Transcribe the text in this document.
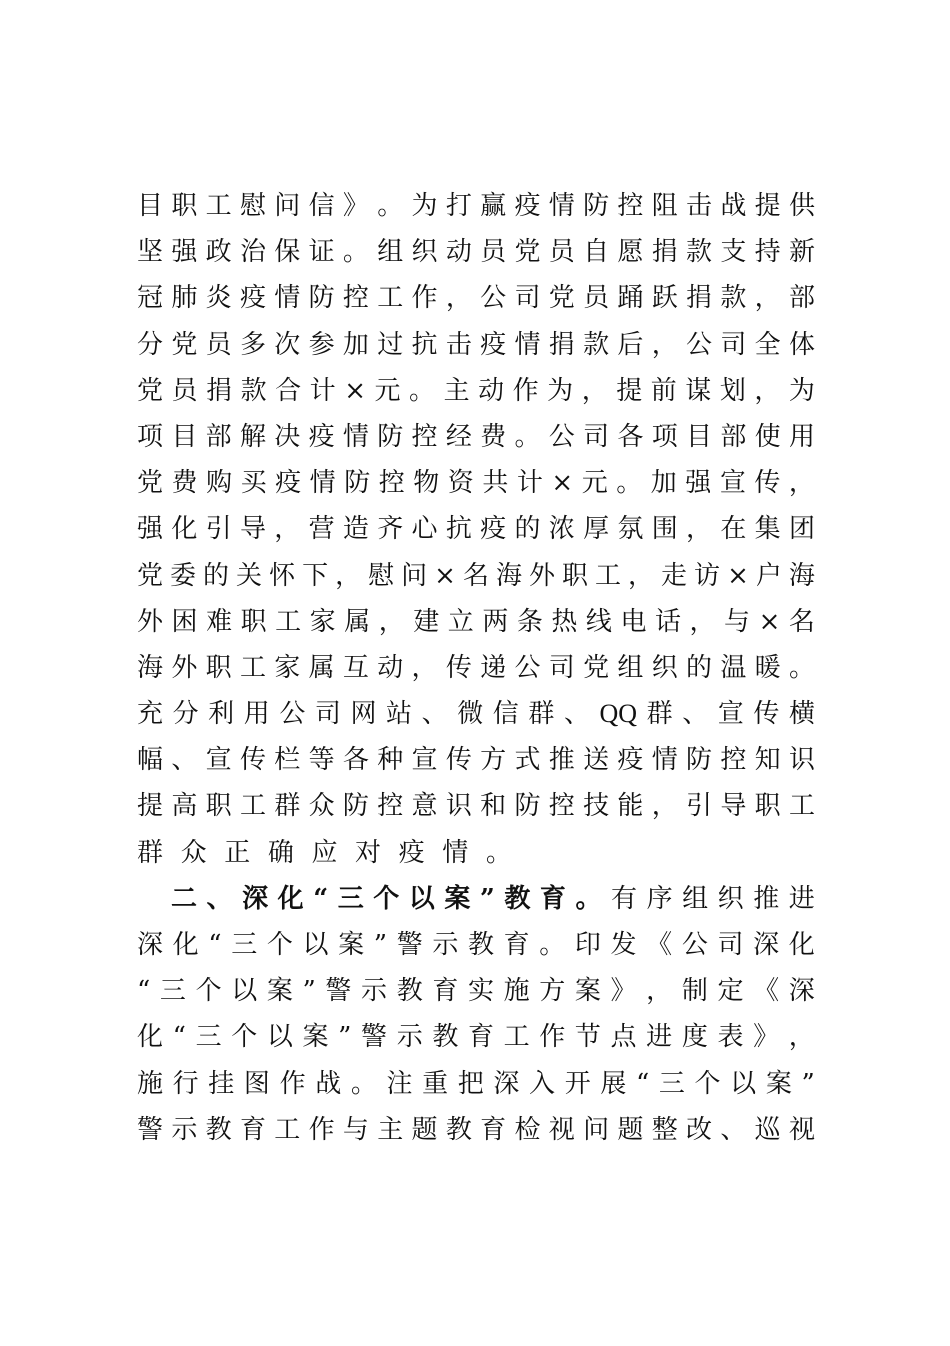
目 职 工 慰 问 信 》 。 为 打 赢 疫 情 防 控 阻 击 战 提 供
坚 强 政 治 保 证 。 组 织 动 员 党 员 自 愿 捐 款 支 持 新
冠 肺 炎 疫 情 防 控 工 作 ， 公 司 党 员 踊 跃 捐 款 ， 部
分 党 员 多 次 参 加 过 抗 击 疫 情 捐 款 后 ， 公 司 全 体
党 员 捐 款 合 计 × 元 。 主 动 作 为 ， 提 前 谋 划 ， 为
项 目 部 解 决 疫 情 防 控 经 费 。 公 司 各 项 目 部 使 用
党 费 购 买 疫 情 防 控 物 资 共 计 × 元 。 加 强 宣 传 ，
强 化 引 导 ， 营 造 齐 心 抗 疫 的 浓 厚 氛 围 ， 在 集 团
党 委 的 关 怀 下 ， 慰 问 × 名 海 外 职 工 ， 走 访 × 户 海
外 困 难 职 工 家 属 ， 建 立 两 条 热 线 电 话 ， 与 × 名
海 外 职 工 家 属 互 动 ， 传 递 公 司 党 组 织 的 温 暖 。
充 分 利 用 公 司 网 站 、 微 信 群 、 QQ 群 、 宣 传 横
幅 、 宣 传 栏 等 各 种 宣 传 方 式 推 送 疫 情 防 控 知 识
提 高 职 工 群 众 防 控 意 识 和 防 控 技 能 ， 引 导 职 工
群 众 正 确 应 对 疫 情 。
二 、 深 化 “ 三 个 以 案 ” 教 育 。 有 序 组 织 推 进
深 化 “ 三 个 以 案 ” 警 示 教 育 。 印 发 《 公 司 深 化
“ 三 个 以 案 ” 警 示 教 育 实 施 方 案 》 ， 制 定 《 深
化 “ 三 个 以 案 ” 警 示 教 育 工 作 节 点 进 度 表 》 ，
施 行 挂 图 作 战 。 注 重 把 深 入 开 展 “ 三 个 以 案 ”
警 示 教 育 工 作 与 主 题 教 育 检 视 问 题 整 改 、 巡 视
